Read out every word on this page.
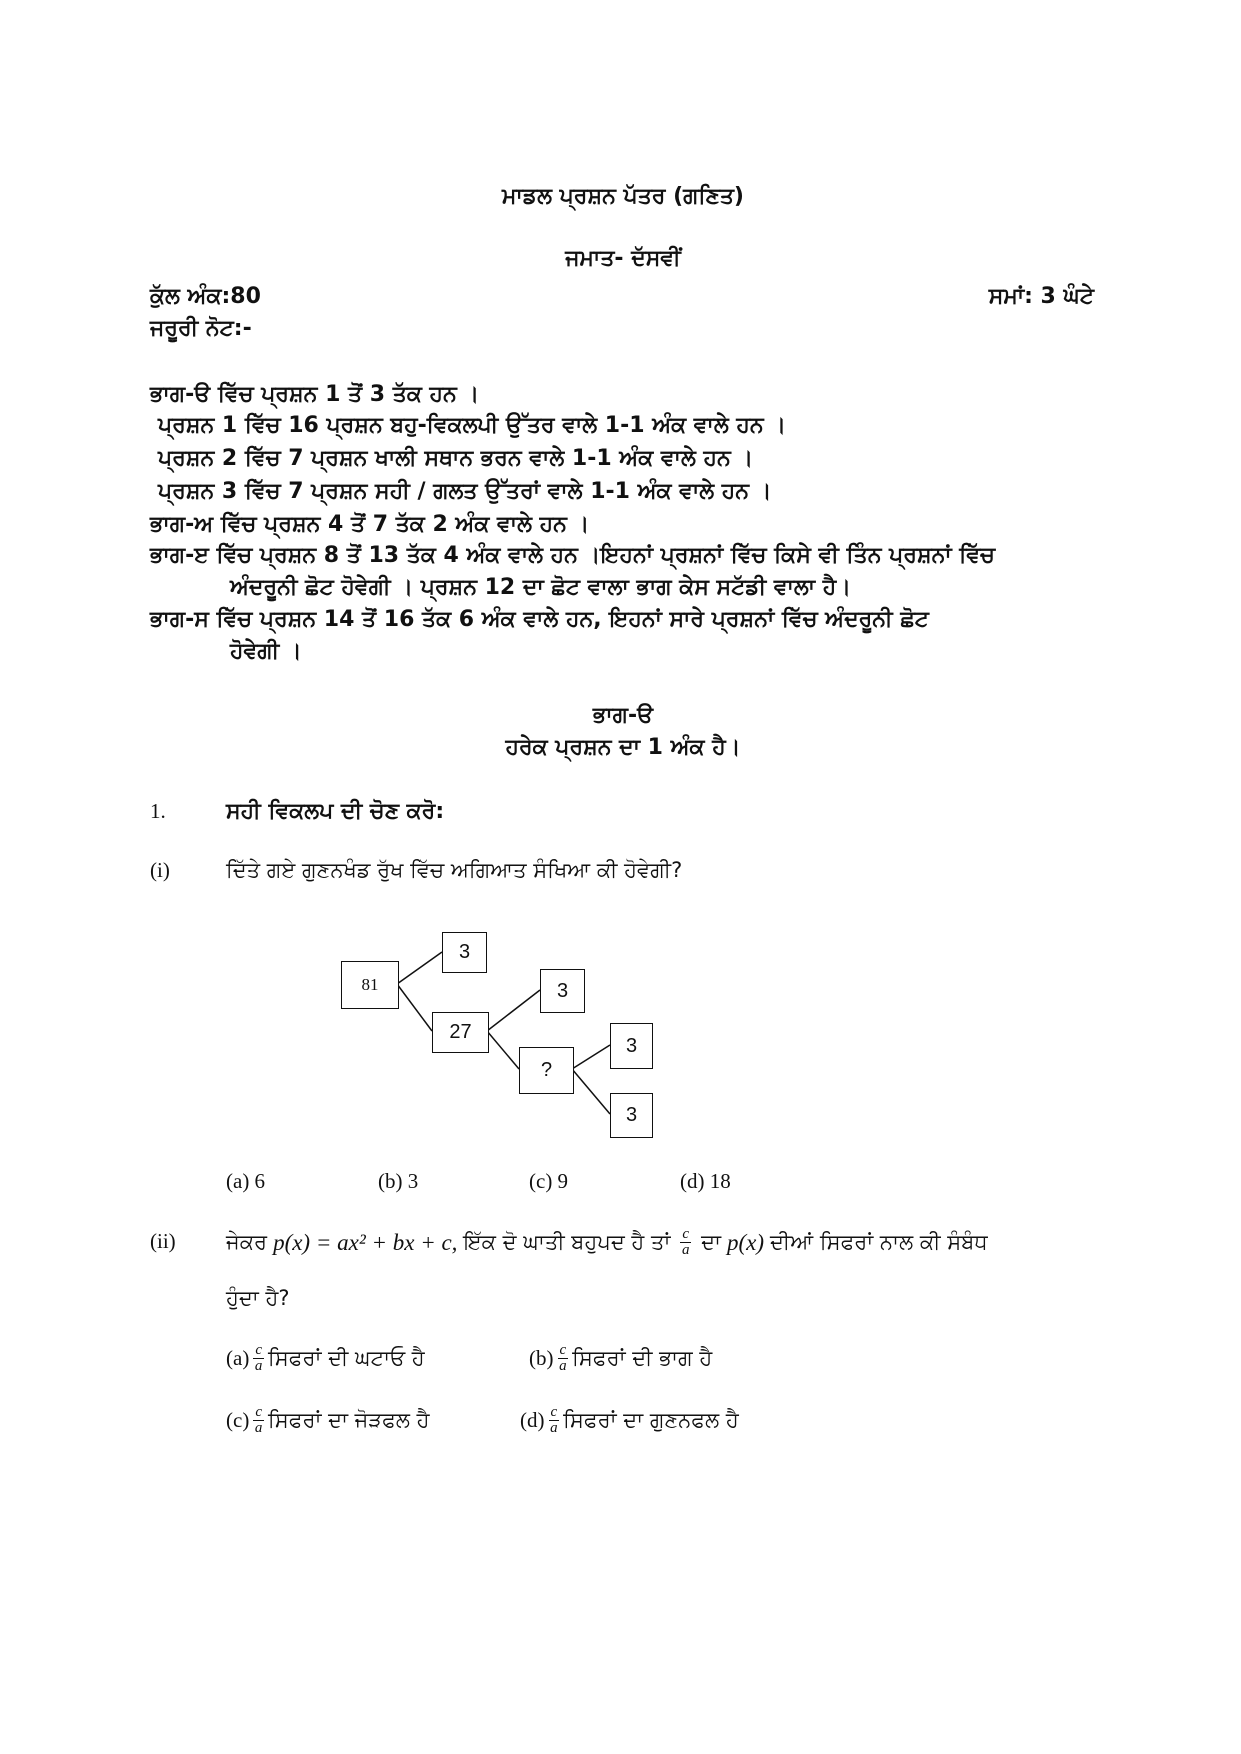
ਮਾਡਲ ਪ੍ਰਸ਼ਨ ਪੱਤਰ (ਗਣਿਤ)
ਜਮਾਤ- ਦੱਸਵੀਂ
ਕੁੱਲ ਅੰਕ:80	ਸਮਾਂ: 3 ਘੰਟੇ
ਜਰੂਰੀ ਨੋਟ:-
ਭਾਗ-ੳ ਵਿੱਚ ਪ੍ਰਸ਼ਨ 1 ਤੋਂ 3 ਤੱਕ ਹਨ ।
ਪ੍ਰਸ਼ਨ 1 ਵਿੱਚ 16 ਪ੍ਰਸ਼ਨ ਬਹੁ-ਵਿਕਲਪੀ ਉੱਤਰ ਵਾਲੇ 1-1 ਅੰਕ ਵਾਲੇ ਹਨ ।
ਪ੍ਰਸ਼ਨ 2 ਵਿੱਚ 7 ਪ੍ਰਸ਼ਨ ਖਾਲੀ ਸਥਾਨ ਭਰਨ ਵਾਲੇ 1-1 ਅੰਕ ਵਾਲੇ ਹਨ ।
ਪ੍ਰਸ਼ਨ 3 ਵਿੱਚ 7 ਪ੍ਰਸ਼ਨ ਸਹੀ / ਗਲਤ ਉੱਤਰਾਂ ਵਾਲੇ 1-1 ਅੰਕ ਵਾਲੇ ਹਨ ।
ਭਾਗ-ਅ ਵਿੱਚ ਪ੍ਰਸ਼ਨ 4 ਤੋਂ 7 ਤੱਕ 2 ਅੰਕ ਵਾਲੇ ਹਨ ।
ਭਾਗ-ੲ ਵਿੱਚ ਪ੍ਰਸ਼ਨ 8 ਤੋਂ 13 ਤੱਕ 4 ਅੰਕ ਵਾਲੇ ਹਨ ।ਇਹਨਾਂ ਪ੍ਰਸ਼ਨਾਂ ਵਿੱਚ ਕਿਸੇ ਵੀ ਤਿੰਨ ਪ੍ਰਸ਼ਨਾਂ ਵਿੱਚ
ਅੰਦਰੂਨੀ ਛੋਟ ਹੋਵੇਗੀ । ਪ੍ਰਸ਼ਨ 12 ਦਾ ਛੋਟ ਵਾਲਾ ਭਾਗ ਕੇਸ ਸਟੱਡੀ ਵਾਲਾ ਹੈ।
ਭਾਗ-ਸ ਵਿੱਚ ਪ੍ਰਸ਼ਨ 14 ਤੋਂ 16 ਤੱਕ 6 ਅੰਕ ਵਾਲੇ ਹਨ, ਇਹਨਾਂ ਸਾਰੇ ਪ੍ਰਸ਼ਨਾਂ ਵਿੱਚ ਅੰਦਰੂਨੀ ਛੋਟ
ਹੋਵੇਗੀ ।
ਭਾਗ-ੳ
ਹਰੇਕ ਪ੍ਰਸ਼ਨ ਦਾ 1 ਅੰਕ ਹੈ।
1.	ਸਹੀ ਵਿਕਲਪ ਦੀ ਚੋਣ ਕਰੋ:
(i)	ਦਿੱਤੇ ਗਏ ਗੁਣਨਖੰਡ ਰੁੱਖ ਵਿੱਚ ਅਗਿਆਤ ਸੰਖਿਆ ਕੀ ਹੋਵੇਗੀ?
81
3
27
3
?
3
3
(a) 6	(b) 3	(c) 9	(d) 18
(ii) ਜੇਕਰ p(x) = ax² + bx + c, ਇੱਕ ਦੋ ਘਾਤੀ ਬਹੁਪਦ ਹੈ ਤਾਂ $\frac{c}{a}$ ਦਾ p(x) ਦੀਆਂ ਸਿਫਰਾਂ ਨਾਲ ਕੀ ਸੰਬੰਧ
ਹੁੰਦਾ ਹੈ?
$(a) \frac{c}{a}$ ਸਿਫਰਾਂ ਦੀ ਘਟਾਓ ਹੈ	$(b) \frac{c}{a}$ ਸਿਫਰਾਂ ਦੀ ਭਾਗ ਹੈ
$(c) \frac{c}{a}$ ਸਿਫਰਾਂ ਦਾ ਜੋੜਫਲ ਹੈ	$(d) \frac{c}{a}$ ਸਿਫਰਾਂ ਦਾ ਗੁਣਨਫਲ ਹੈ
